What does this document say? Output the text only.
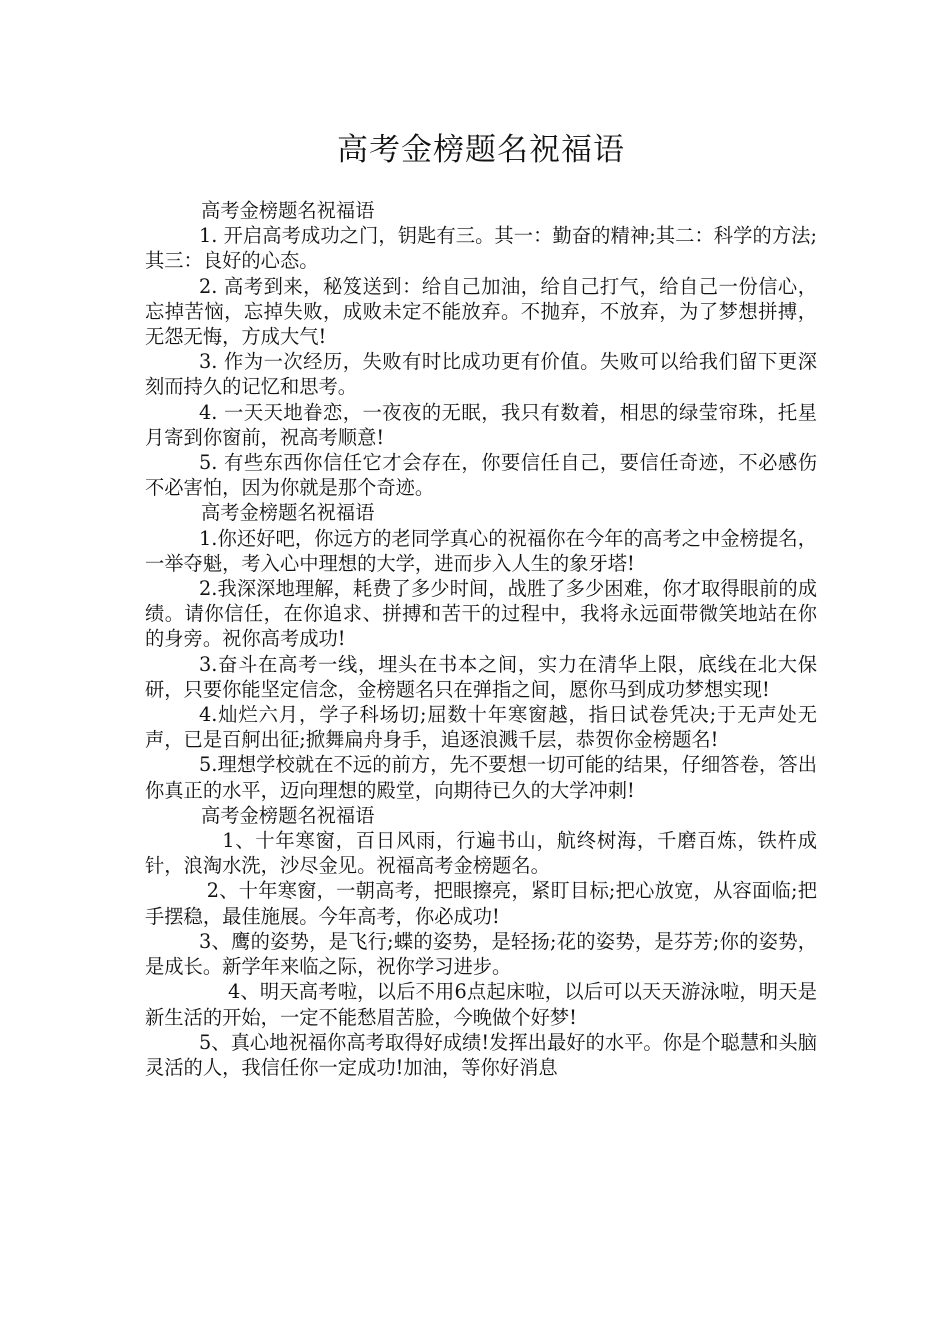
高考金榜题名祝福语

高考金榜题名祝福语

1. 开启高考成功之门，钥匙有三。其一：勤奋的精神;其二：科学的方法;其三：良好的心态。

2. 高考到来，秘笈送到：给自己加油，给自己打气，给自己一份信心，忘掉苦恼，忘掉失败，成败未定不能放弃。不抛弃，不放弃，为了梦想拼搏，无怨无悔，方成大气!

3. 作为一次经历，失败有时比成功更有价值。失败可以给我们留下更深刻而持久的记忆和思考。

4. 一天天地眷恋，一夜夜的无眠，我只有数着，相思的绿莹帘珠，托星月寄到你窗前，祝高考顺意!

5. 有些东西你信任它才会存在，你要信任自己，要信任奇迹，不必感伤不必害怕，因为你就是那个奇迹。

高考金榜题名祝福语

1.你还好吧，你远方的老同学真心的祝福你在今年的高考之中金榜提名，一举夺魁，考入心中理想的大学，进而步入人生的象牙塔!

2.我深深地理解，耗费了多少时间，战胜了多少困难，你才取得眼前的成绩。请你信任，在你追求、拼搏和苦干的过程中，我将永远面带微笑地站在你的身旁。祝你高考成功!

3.奋斗在高考一线，埋头在书本之间，实力在清华上限，底线在北大保研，只要你能坚定信念，金榜题名只在弹指之间，愿你马到成功梦想实现!

4.灿烂六月，学子科场切;屈数十年寒窗越，指日试卷凭决;于无声处无声，已是百舸出征;掀舞扁舟身手，追逐浪溅千层，恭贺你金榜题名!

5.理想学校就在不远的前方，先不要想一切可能的结果，仔细答卷，答出你真正的水平，迈向理想的殿堂，向期待已久的大学冲刺!

高考金榜题名祝福语

1、十年寒窗，百日风雨，行遍书山，航终树海，千磨百炼，铁杵成针，浪淘水洗，沙尽金见。祝福高考金榜题名。

2、十年寒窗，一朝高考，把眼擦亮，紧盯目标;把心放宽，从容面临;把手摆稳，最佳施展。今年高考，你必成功!

3、鹰的姿势，是飞行;蝶的姿势，是轻扬;花的姿势，是芬芳;你的姿势，是成长。新学年来临之际，祝你学习进步。

4、明天高考啦，以后不用6点起床啦，以后可以天天游泳啦，明天是新生活的开始，一定不能愁眉苦脸，今晚做个好梦!

5、真心地祝福你高考取得好成绩!发挥出最好的水平。你是个聪慧和头脑灵活的人，我信任你一定成功!加油，等你好消息
